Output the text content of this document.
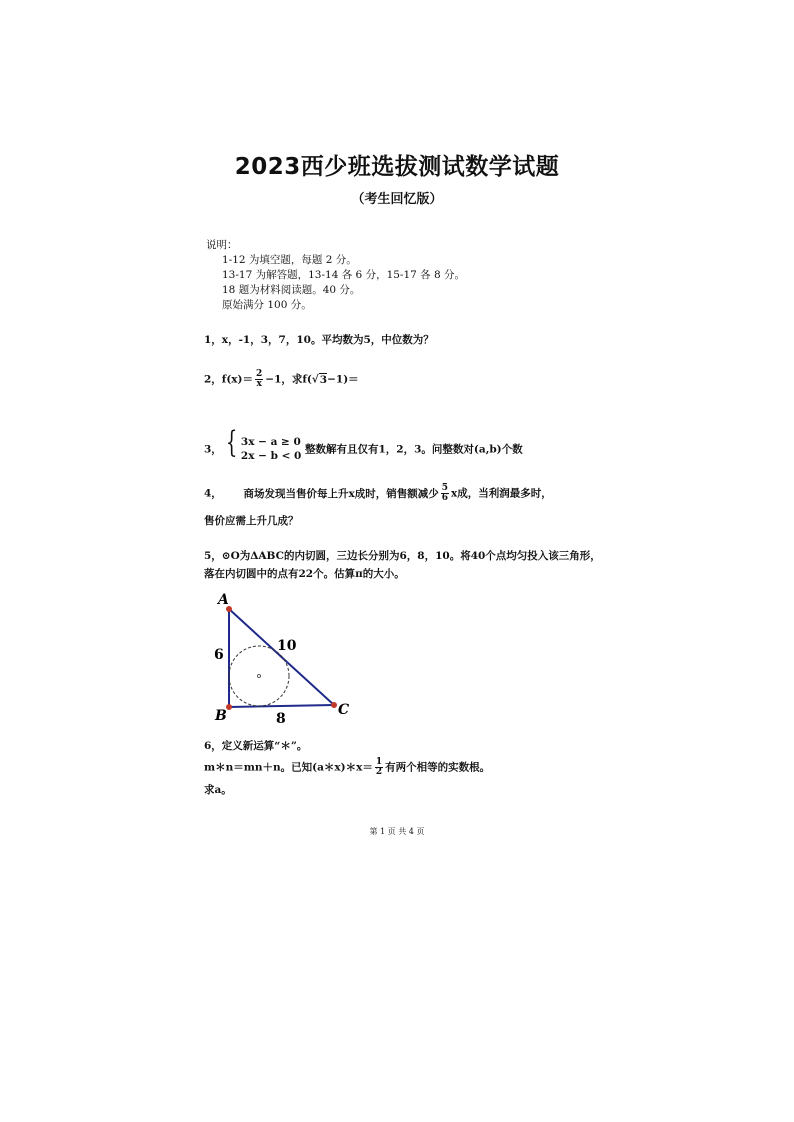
2023西少班选拔测试数学试题
（考生回忆版）
说明：
1-12 为填空题，每题 2 分。
13-17 为解答题，13-14 各 6 分，15-17 各 8 分。
18 题为材料阅读题。40 分。
原始满分 100 分。
1，x，-1，3，7，10。平均数为5，中位数为？
2，$f(x)= \frac{2}{x} -1$，求f(√3−1)＝
3， { 3x − a ≥ 0
2x − b < 0
整数解有且仅有1，2，3。问整数对(a,b)个数
4， 商场发现当售价每上升x成时，销售额减少 $\frac{5}{6}$ x成，当利润最多时，
售价应需上升几成？
5，⊙O为ΔABC的内切圆，三边长分别为6，8，10。将40个点均匀投入该三角形，
落在内切圆中的点有22个。估算π的大小。
A
B	C
6
8
10
6，定义新运算“＊”。
m＊n＝mn＋n。已知(a＊x)＊x＝ $\frac{1}{2}$ 有两个相等的实数根。
求a。
第 1 页 共 4 页
